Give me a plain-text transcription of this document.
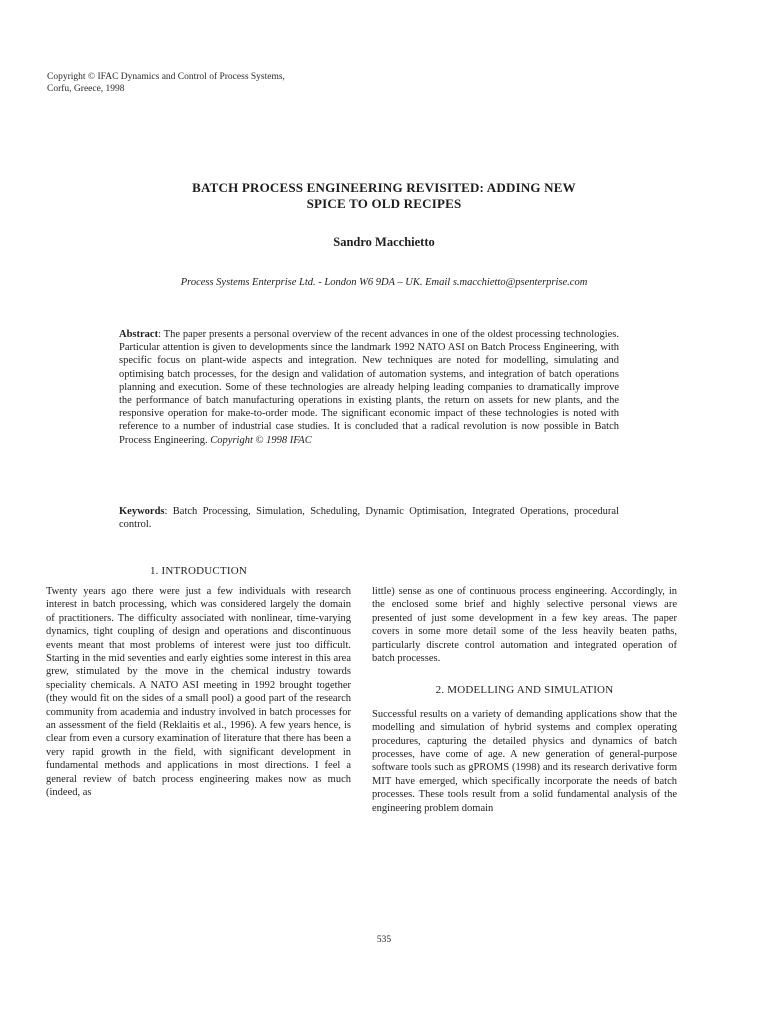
Copyright © IFAC Dynamics and Control of Process Systems,
Corfu, Greece, 1998
BATCH PROCESS ENGINEERING REVISITED: ADDING NEW
SPICE TO OLD RECIPES
Sandro Macchietto
Process Systems Enterprise Ltd. - London W6 9DA – UK. Email s.macchietto@psenterprise.com
Abstract: The paper presents a personal overview of the recent advances in one of the oldest processing technologies. Particular attention is given to developments since the landmark 1992 NATO ASI on Batch Process Engineering, with specific focus on plant-wide aspects and integration. New techniques are noted for modelling, simulating and optimising batch processes, for the design and validation of automation systems, and integration of batch operations planning and execution. Some of these technologies are already helping leading companies to dramatically improve the performance of batch manufacturing operations in existing plants, the return on assets for new plants, and the responsive operation for make-to-order mode. The significant economic impact of these technologies is noted with reference to a number of industrial case studies. It is concluded that a radical revolution is now possible in Batch Process Engineering. Copyright © 1998 IFAC
Keywords: Batch Processing, Simulation, Scheduling, Dynamic Optimisation, Integrated Operations, procedural control.
1. INTRODUCTION
Twenty years ago there were just a few individuals with research interest in batch processing, which was considered largely the domain of practitioners. The difficulty associated with nonlinear, time-varying dynamics, tight coupling of design and operations and discontinuous events meant that most problems of interest were just too difficult. Starting in the mid seventies and early eighties some interest in this area grew, stimulated by the move in the chemical industry towards speciality chemicals. A NATO ASI meeting in 1992 brought together (they would fit on the sides of a small pool) a good part of the research community from academia and industry involved in batch processes for an assessment of the field (Reklaitis et al., 1996). A few years hence, is clear from even a cursory examination of literature that there has been a very rapid growth in the field, with significant development in fundamental methods and applications in most directions. I feel a general review of batch process engineering makes now as much (indeed, as
little) sense as one of continuous process engineering. Accordingly, in the enclosed some brief and highly selective personal views are presented of just some development in a few key areas. The paper covers in some more detail some of the less heavily beaten paths, particularly discrete control automation and integrated operation of batch processes.
2. MODELLING AND SIMULATION
Successful results on a variety of demanding applications show that the modelling and simulation of hybrid systems and complex operating procedures, capturing the detailed physics and dynamics of batch processes, have come of age. A new generation of general-purpose software tools such as gPROMS (1998) and its research derivative form MIT have emerged, which specifically incorporate the needs of batch processes. These tools result from a solid fundamental analysis of the engineering problem domain
535
